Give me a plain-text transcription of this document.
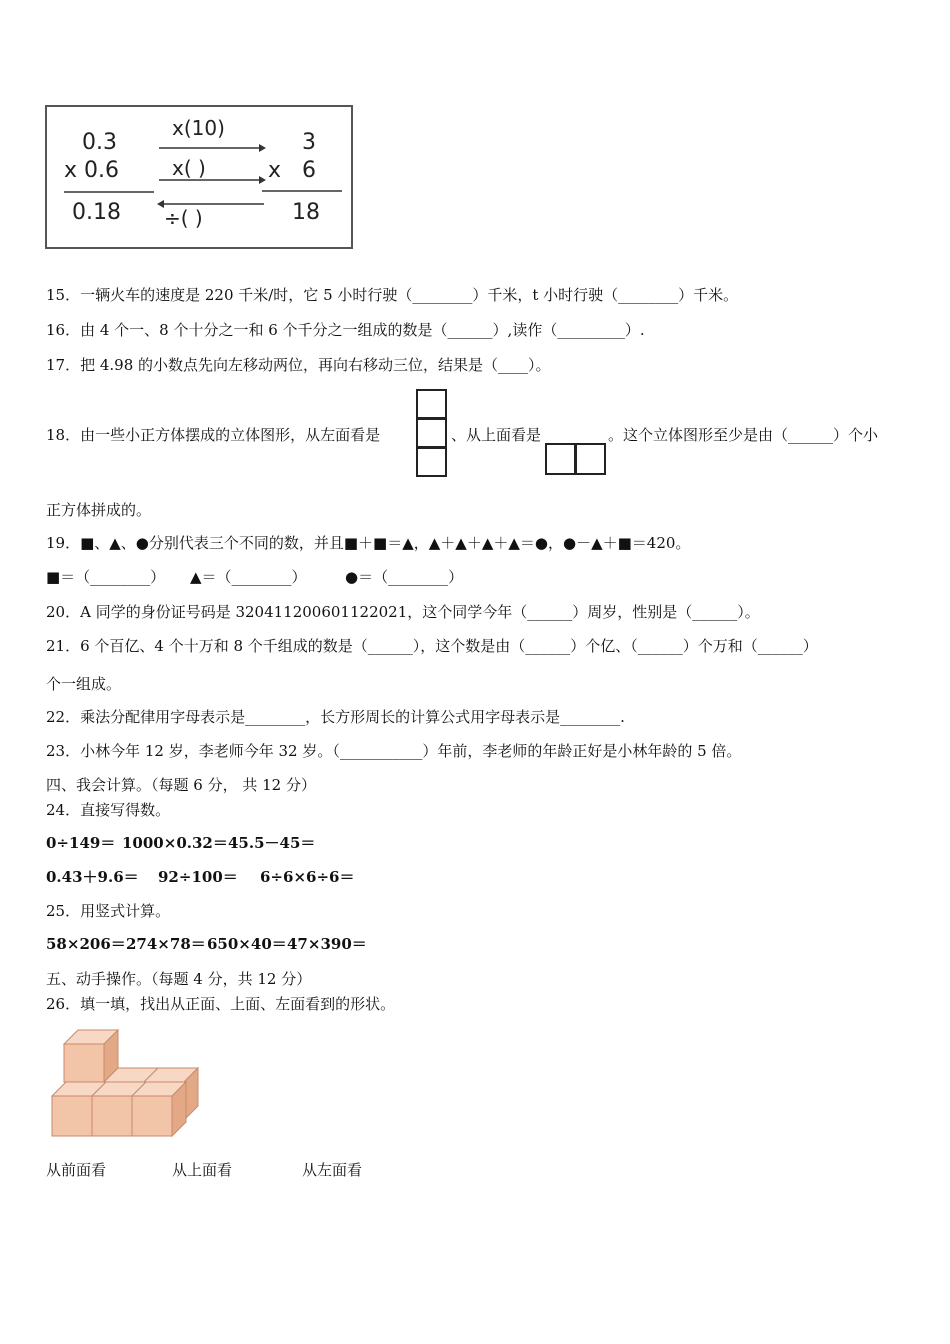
0.3
x 0.6
0.18
x(10)
x( )
÷( )
3
x 6
18
15．一辆火车的速度是 220 千米/时，它 5 小时行驶（________）千米，t 小时行驶（________）千米。
16．由 4 个一、8 个十分之一和 6 个千分之一组成的数是（______）,读作（_________）.
17．把 4.98 的小数点先向左移动两位，再向右移动三位，结果是（____）。
18．由一些小正方体摆成的立体图形，从左面看是	、从上面看是	。这个立体图形至少是由（______）个小
正方体拼成的。
19．■、▲、●分别代表三个不同的数，并且■＋■＝▲，▲＋▲＋▲＋▲＝●，●－▲＋■＝420。
■＝（________） ▲＝（________）	●＝（________）
20．A 同学的身份证号码是 320411200601122021，这个同学今年（______）周岁，性别是（______）。
21．6 个百亿、4 个十万和 8 个千组成的数是（______），这个数是由（______）个亿、（______）个万和（______）
个一组成。
22．乘法分配律用字母表示是________，长方形周长的计算公式用字母表示是________.
23．小林今年 12 岁，李老师今年 32 岁。（___________）年前，李老师的年龄正好是小林年龄的 5 倍。
四、我会计算。（每题 6 分， 共 12 分）
24．直接写得数。
0÷149＝ 1000×0.32＝ 45.5－45＝
0.43＋9.6＝ 92÷100＝ 6÷6×6÷6＝
25．用竖式计算。
58×206＝ 274×78＝ 650×40＝ 47×390＝
五、动手操作。（每题 4 分，共 12 分）
26．填一填，找出从正面、上面、左面看到的形状。
从前面看	从上面看	从左面看
